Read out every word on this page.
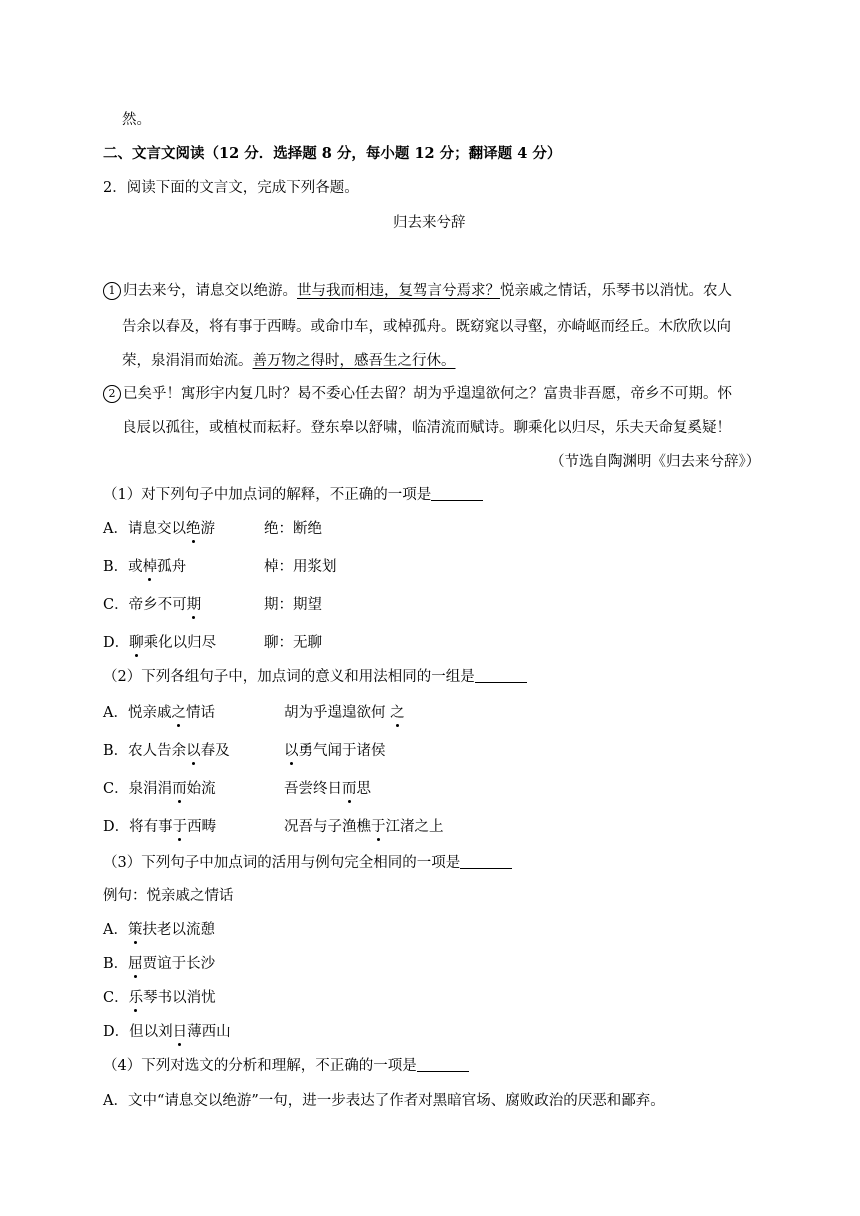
然。
二、文言文阅读（12 分．选择题 8 分，每小题 12 分；翻译题 4 分）
2．阅读下面的文言文，完成下列各题。
归去来兮辞
1 归去来兮，请息交以绝游。世与我而相违，复驾言兮焉求？悦亲戚之情话，乐琴书以消忧。农人
告余以春及，将有事于西畴。或命巾车，或棹孤舟。既窈窕以寻壑，亦崎岖而经丘。木欣欣以向
荣，泉涓涓而始流。善万物之得时，感吾生之行休。
2 已矣乎！寓形宇内复几时？曷不委心任去留？胡为乎遑遑欲何之？富贵非吾愿，帝乡不可期。怀
良辰以孤往，或植杖而耘耔。登东皋以舒啸，临清流而赋诗。聊乘化以归尽，乐夫天命复奚疑！
（节选自陶渊明《归去来兮辞》）
（1）对下列句子中加点词的解释，不正确的一项是
A．请息交以绝游	绝：断绝
B．或棹孤舟	棹：用浆划
C．帝乡不可期	期：期望
D．聊乘化以归尽	聊：无聊
（2）下列各组句子中，加点词的意义和用法相同的一组是
A．悦亲戚之情话	胡为乎遑遑欲何 之
B．农人告余以春及	以勇气闻于诸侯
C．泉涓涓而始流	吾尝终日而思
D．将有事于西畴	况吾与子渔樵于江渚之上
（3）下列句子中加点词的活用与例句完全相同的一项是
例句：悦亲戚之情话
A．策扶老以流憩
B．屈贾谊于长沙
C．乐琴书以消忧
D．但以刘日薄西山
（4）下列对选文的分析和理解，不正确的一项是
A．文中“请息交以绝游”一句，进一步表达了作者对黑暗官场、腐败政治的厌恶和鄙弃。
